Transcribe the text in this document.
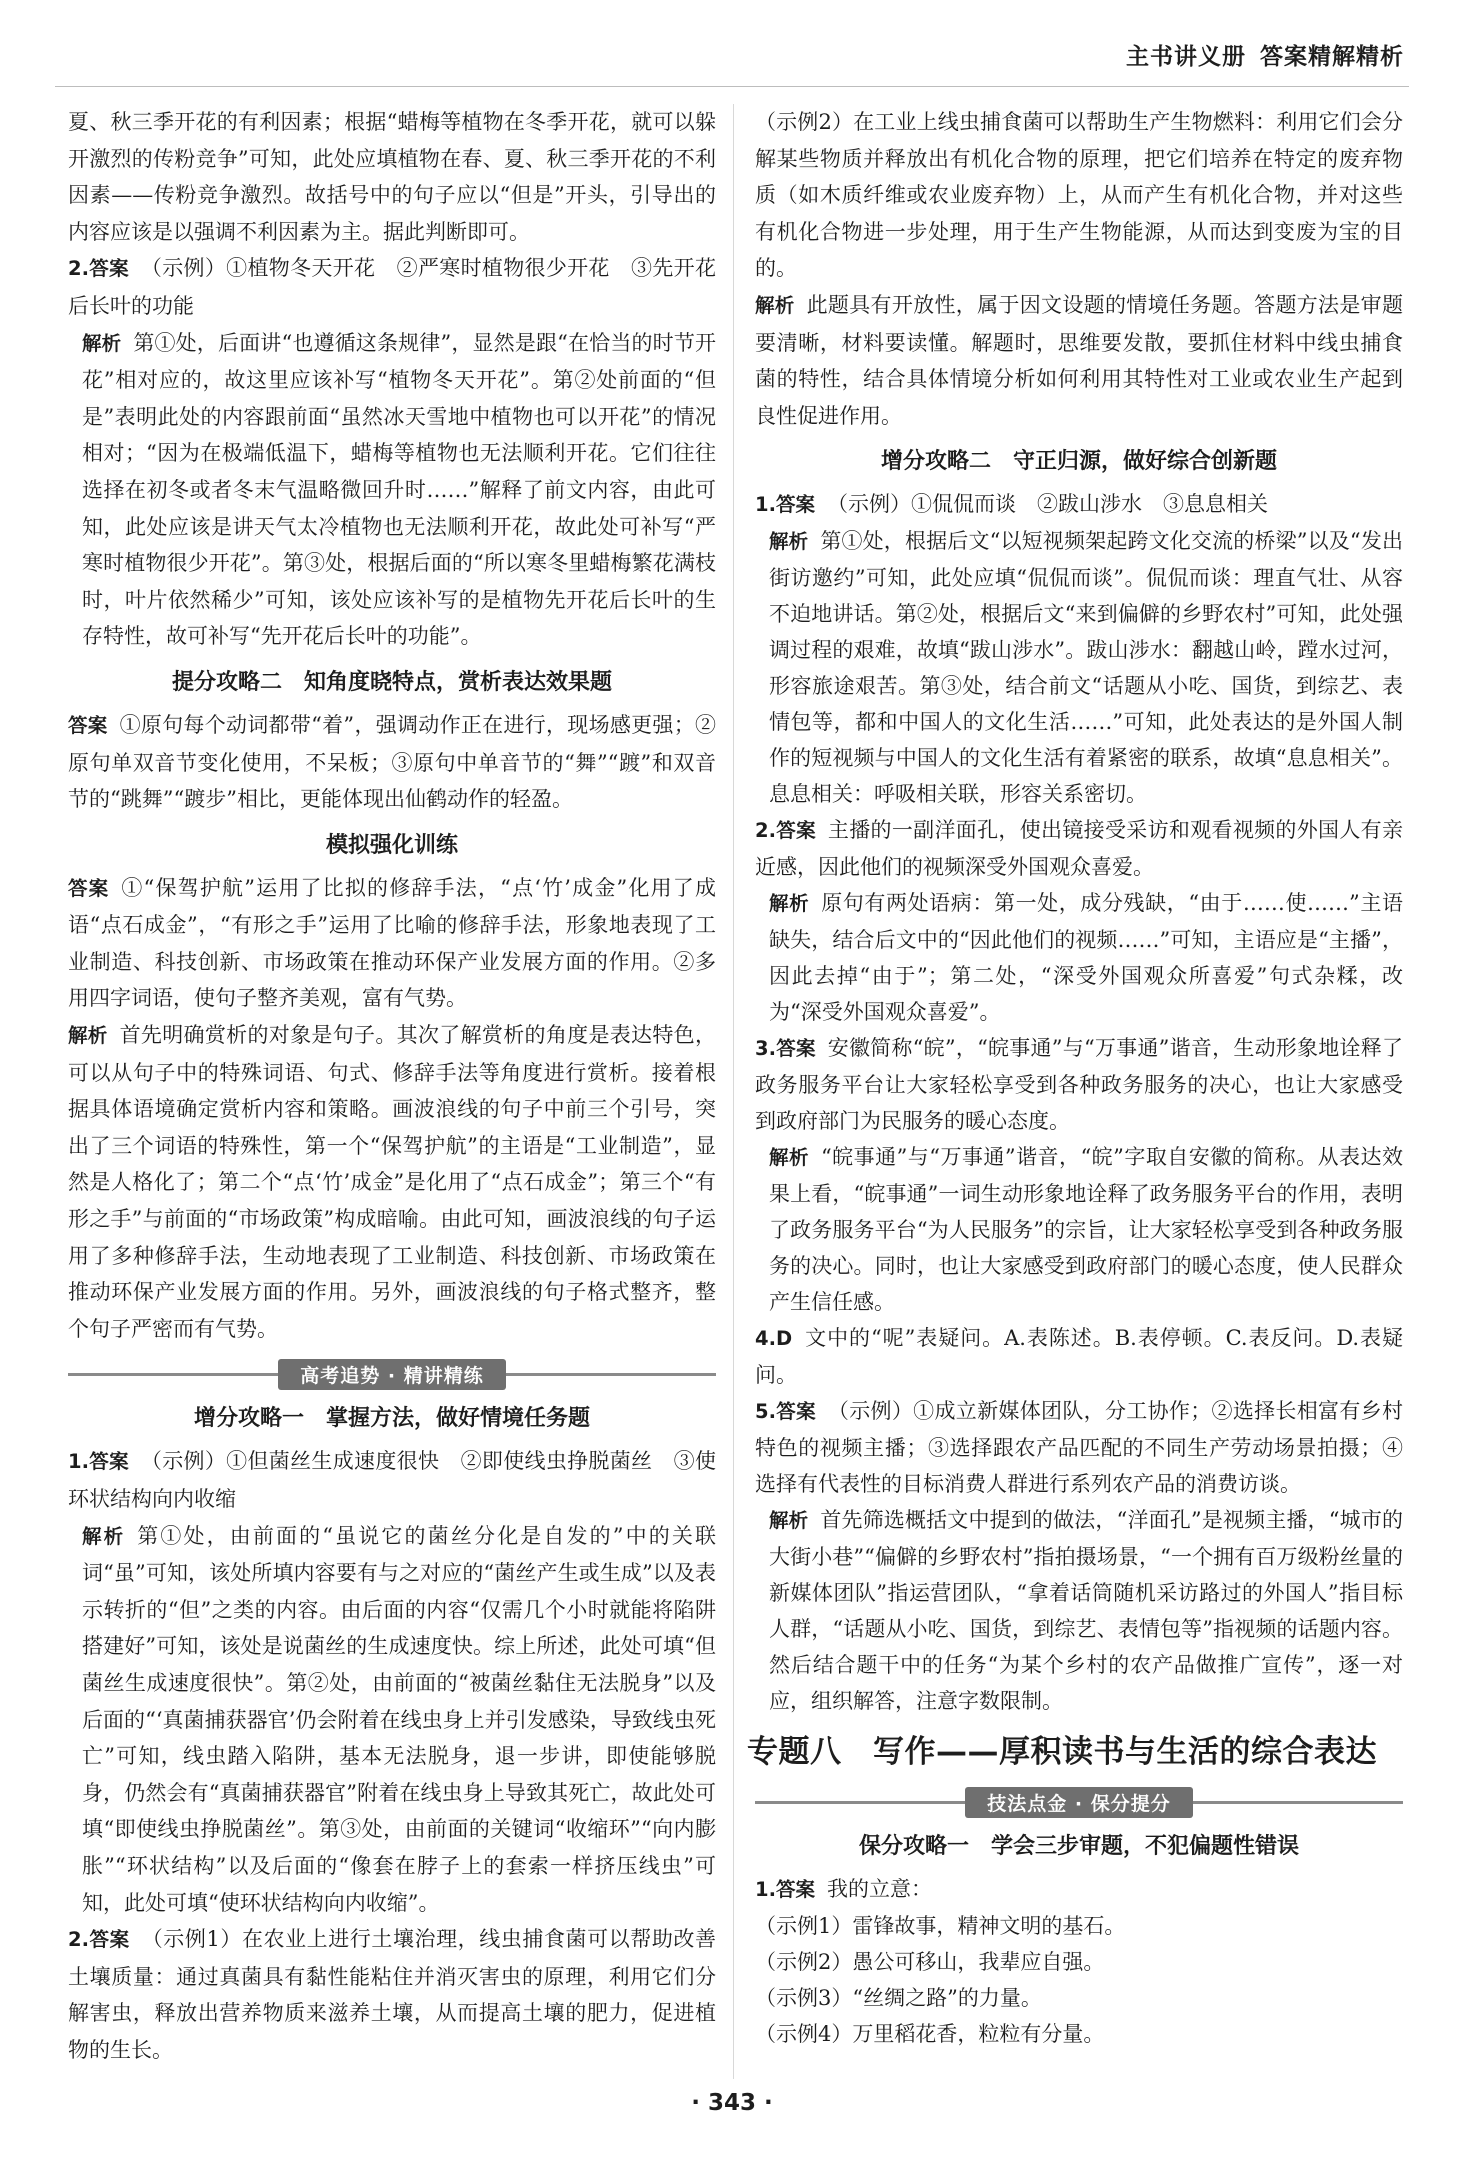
主书讲义册 答案精解精析

夏、秋三季开花的有利因素；根据“蜡梅等植物在冬季开花，就可以躲开激烈的传粉竞争”可知，此处应填植物在春、夏、秋三季开花的不利因素——传粉竞争激烈。故括号中的句子应以“但是”开头，引导出的内容应该是以强调不利因素为主。据此判断即可。

2.答案 （示例）①植物冬天开花　②严寒时植物很少开花　③先开花后长叶的功能

解析 第①处，后面讲“也遵循这条规律”，显然是跟“在恰当的时节开花”相对应的，故这里应该补写“植物冬天开花”。第②处前面的“但是”表明此处的内容跟前面“虽然冰天雪地中植物也可以开花”的情况相对；“因为在极端低温下，蜡梅等植物也无法顺利开花。它们往往选择在初冬或者冬末气温略微回升时……”解释了前文内容，由此可知，此处应该是讲天气太冷植物也无法顺利开花，故此处可补写“严寒时植物很少开花”。第③处，根据后面的“所以寒冬里蜡梅繁花满枝时，叶片依然稀少”可知，该处应该补写的是植物先开花后长叶的生存特性，故可补写“先开花后长叶的功能”。

提分攻略二　知角度晓特点，赏析表达效果题

答案 ①原句每个动词都带“着”，强调动作正在进行，现场感更强；②原句单双音节变化使用，不呆板；③原句中单音节的“舞”“踱”和双音节的“跳舞”“踱步”相比，更能体现出仙鹤动作的轻盈。

模拟强化训练

答案 ①“保驾护航”运用了比拟的修辞手法，“点‘竹’成金”化用了成语“点石成金”，“有形之手”运用了比喻的修辞手法，形象地表现了工业制造、科技创新、市场政策在推动环保产业发展方面的作用。②多用四字词语，使句子整齐美观，富有气势。

解析 首先明确赏析的对象是句子。其次了解赏析的角度是表达特色，可以从句子中的特殊词语、句式、修辞手法等角度进行赏析。接着根据具体语境确定赏析内容和策略。画波浪线的句子中前三个引号，突出了三个词语的特殊性，第一个“保驾护航”的主语是“工业制造”，显然是人格化了；第二个“点‘竹’成金”是化用了“点石成金”；第三个“有形之手”与前面的“市场政策”构成暗喻。由此可知，画波浪线的句子运用了多种修辞手法，生动地表现了工业制造、科技创新、市场政策在推动环保产业发展方面的作用。另外，画波浪线的句子格式整齐，整个句子严密而有气势。

高考追势 · 精讲精练
增分攻略一　掌握方法，做好情境任务题

1.答案 （示例）①但菌丝生成速度很快　②即使线虫挣脱菌丝　③使环状结构向内收缩

解析 第①处，由前面的“虽说它的菌丝分化是自发的”中的关联词“虽”可知，该处所填内容要有与之对应的“菌丝产生或生成”以及表示转折的“但”之类的内容。由后面的内容“仅需几个小时就能将陷阱搭建好”可知，该处是说菌丝的生成速度快。综上所述，此处可填“但菌丝生成速度很快”。第②处，由前面的“被菌丝黏住无法脱身”以及后面的“‘真菌捕获器官’仍会附着在线虫身上并引发感染，导致线虫死亡”可知，线虫踏入陷阱，基本无法脱身，退一步讲，即使能够脱身，仍然会有“真菌捕获器官”附着在线虫身上导致其死亡，故此处可填“即使线虫挣脱菌丝”。第③处，由前面的关键词“收缩环”“向内膨胀”“环状结构”以及后面的“像套在脖子上的套索一样挤压线虫”可知，此处可填“使环状结构向内收缩”。

2.答案 （示例1）在农业上进行土壤治理，线虫捕食菌可以帮助改善土壤质量：通过真菌具有黏性能粘住并消灭害虫的原理，利用它们分解害虫，释放出营养物质来滋养土壤，从而提高土壤的肥力，促进植物的生长。

（示例2）在工业上线虫捕食菌可以帮助生产生物燃料：利用它们会分解某些物质并释放出有机化合物的原理，把它们培养在特定的废弃物质（如木质纤维或农业废弃物）上，从而产生有机化合物，并对这些有机化合物进一步处理，用于生产生物能源，从而达到变废为宝的目的。

解析 此题具有开放性，属于因文设题的情境任务题。答题方法是审题要清晰，材料要读懂。解题时，思维要发散，要抓住材料中线虫捕食菌的特性，结合具体情境分析如何利用其特性对工业或农业生产起到良性促进作用。

增分攻略二　守正归源，做好综合创新题

1.答案 （示例）①侃侃而谈　②跋山涉水　③息息相关

解析 第①处，根据后文“以短视频架起跨文化交流的桥梁”以及“发出街访邀约”可知，此处应填“侃侃而谈”。侃侃而谈：理直气壮、从容不迫地讲话。第②处，根据后文“来到偏僻的乡野农村”可知，此处强调过程的艰难，故填“跋山涉水”。跋山涉水：翻越山岭，蹚水过河，形容旅途艰苦。第③处，结合前文“话题从小吃、国货，到综艺、表情包等，都和中国人的文化生活……”可知，此处表达的是外国人制作的短视频与中国人的文化生活有着紧密的联系，故填“息息相关”。息息相关：呼吸相关联，形容关系密切。

2.答案 主播的一副洋面孔，使出镜接受采访和观看视频的外国人有亲近感，因此他们的视频深受外国观众喜爱。

解析 原句有两处语病：第一处，成分残缺，“由于……使……”主语缺失，结合后文中的“因此他们的视频……”可知，主语应是“主播”，因此去掉“由于”；第二处，“深受外国观众所喜爱”句式杂糅，改为“深受外国观众喜爱”。

3.答案 安徽简称“皖”，“皖事通”与“万事通”谐音，生动形象地诠释了政务服务平台让大家轻松享受到各种政务服务的决心，也让大家感受到政府部门为民服务的暖心态度。

解析 “皖事通”与“万事通”谐音，“皖”字取自安徽的简称。从表达效果上看，“皖事通”一词生动形象地诠释了政务服务平台的作用，表明了政务服务平台“为人民服务”的宗旨，让大家轻松享受到各种政务服务的决心。同时，也让大家感受到政府部门的暖心态度，使人民群众产生信任感。

4.D 文中的“呢”表疑问。A.表陈述。B.表停顿。C.表反问。D.表疑问。

5.答案 （示例）①成立新媒体团队，分工协作；②选择长相富有乡村特色的视频主播；③选择跟农产品匹配的不同生产劳动场景拍摄；④选择有代表性的目标消费人群进行系列农产品的消费访谈。

解析 首先筛选概括文中提到的做法，“洋面孔”是视频主播，“城市的大街小巷”“偏僻的乡野农村”指拍摄场景，“一个拥有百万级粉丝量的新媒体团队”指运营团队，“拿着话筒随机采访路过的外国人”指目标人群，“话题从小吃、国货，到综艺、表情包等”指视频的话题内容。然后结合题干中的任务“为某个乡村的农产品做推广宣传”，逐一对应，组织解答，注意字数限制。

专题八　写作——厚积读书与生活的综合表达
技法点金 · 保分提分
保分攻略一　学会三步审题，不犯偏题性错误

1.答案 我的立意：

（示例1）雷锋故事，精神文明的基石。

（示例2）愚公可移山，我辈应自强。

（示例3）“丝绸之路”的力量。

（示例4）万里稻花香，粒粒有分量。

· 343 ·
